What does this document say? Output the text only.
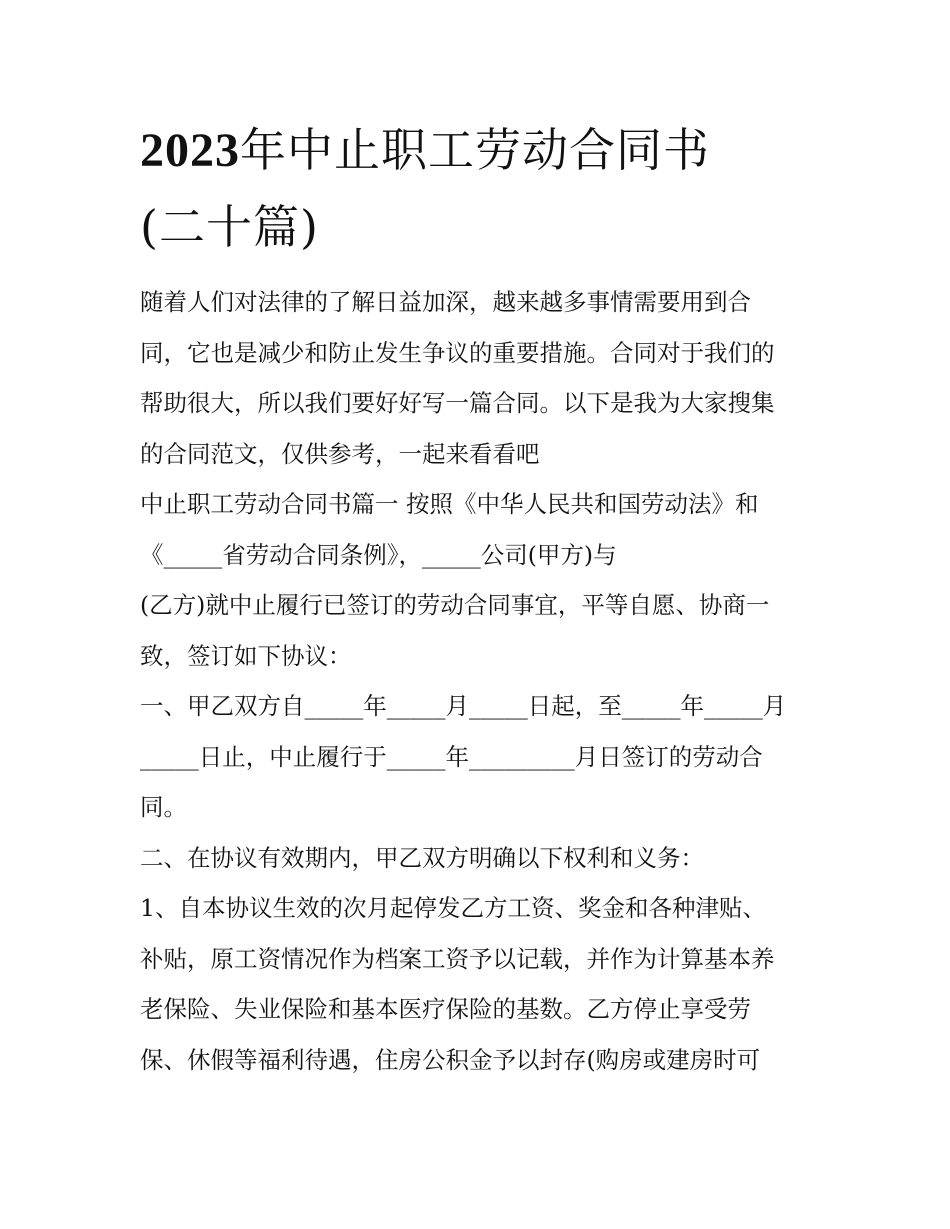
2023年中止职工劳动合同书
(二十篇)

随着人们对法律的了解日益加深，越来越多事情需要用到合
同，它也是减少和防止发生争议的重要措施。合同对于我们的
帮助很大，所以我们要好好写一篇合同。以下是我为大家搜集
的合同范文，仅供参考，一起来看看吧

中止职工劳动合同书篇一 按照《中华人民共和国劳动法》和
《_____省劳动合同条例》，_____公司(甲方)与
(乙方)就中止履行已签订的劳动合同事宜，平等自愿、协商一
致，签订如下协议：

一、甲乙双方自_____年_____月_____日起，至_____年_____月
_____日止，中止履行于_____年_________月日签订的劳动合
同。

二、在协议有效期内，甲乙双方明确以下权利和义务：

1、自本协议生效的次月起停发乙方工资、奖金和各种津贴、
补贴，原工资情况作为档案工资予以记载，并作为计算基本养
老保险、失业保险和基本医疗保险的基数。乙方停止享受劳
保、休假等福利待遇，住房公积金予以封存(购房或建房时可
